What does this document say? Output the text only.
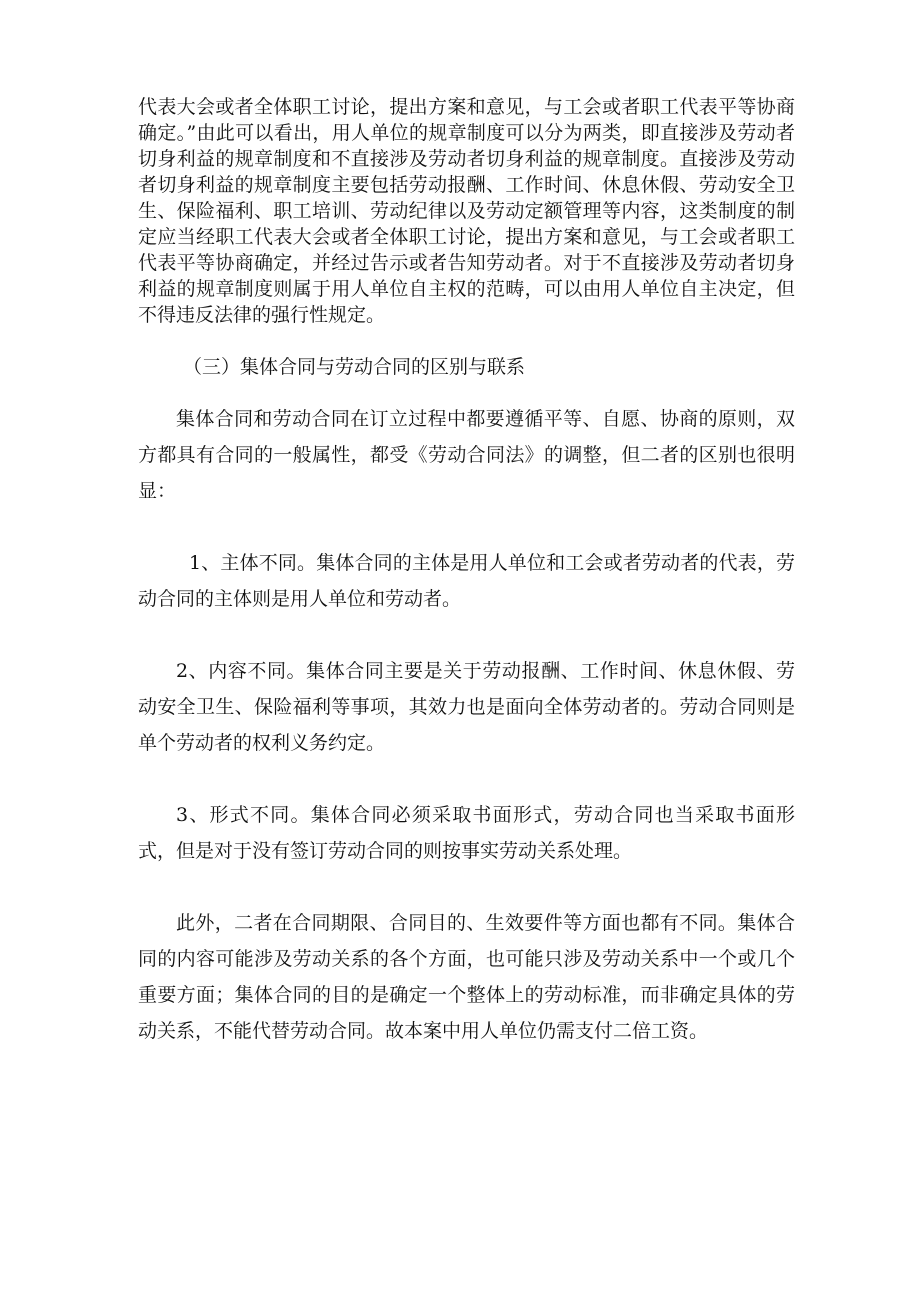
代表大会或者全体职工讨论，提出方案和意见，与工会或者职工代表平等协商确定。”由此可以看出，用人单位的规章制度可以分为两类，即直接涉及劳动者切身利益的规章制度和不直接涉及劳动者切身利益的规章制度。直接涉及劳动者切身利益的规章制度主要包括劳动报酬、工作时间、休息休假、劳动安全卫生、保险福利、职工培训、劳动纪律以及劳动定额管理等内容，这类制度的制定应当经职工代表大会或者全体职工讨论，提出方案和意见，与工会或者职工代表平等协商确定，并经过告示或者告知劳动者。对于不直接涉及劳动者切身利益的规章制度则属于用人单位自主权的范畴，可以由用人单位自主决定，但不得违反法律的强行性规定。

（三）集体合同与劳动合同的区别与联系

集体合同和劳动合同在订立过程中都要遵循平等、自愿、协商的原则，双方都具有合同的一般属性，都受《劳动合同法》的调整，但二者的区别也很明显：

1、主体不同。集体合同的主体是用人单位和工会或者劳动者的代表，劳动合同的主体则是用人单位和劳动者。

2、内容不同。集体合同主要是关于劳动报酬、工作时间、休息休假、劳动安全卫生、保险福利等事项，其效力也是面向全体劳动者的。劳动合同则是单个劳动者的权利义务约定。

3、形式不同。集体合同必须采取书面形式，劳动合同也当采取书面形式，但是对于没有签订劳动合同的则按事实劳动关系处理。

此外，二者在合同期限、合同目的、生效要件等方面也都有不同。集体合同的内容可能涉及劳动关系的各个方面，也可能只涉及劳动关系中一个或几个重要方面；集体合同的目的是确定一个整体上的劳动标准，而非确定具体的劳动关系，不能代替劳动合同。故本案中用人单位仍需支付二倍工资。
